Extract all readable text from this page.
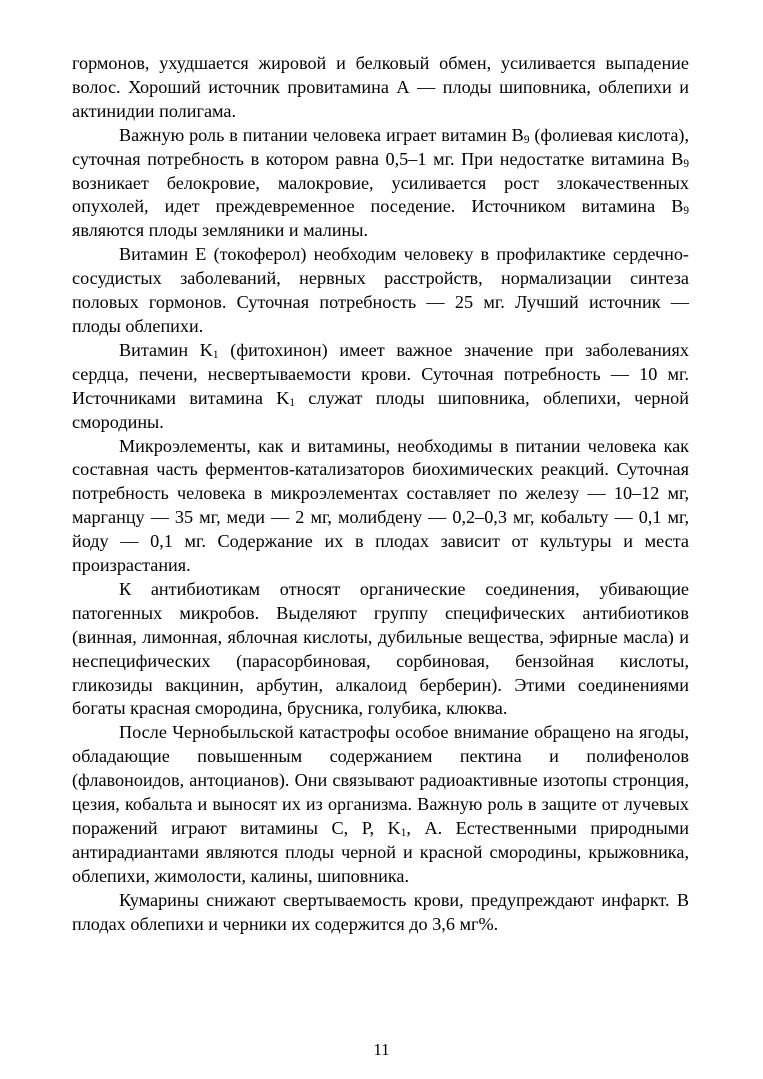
гормонов, ухудшается жировой и белковый обмен, усиливается выпадение волос. Хороший источник провитамина А — плоды шиповника, облепихи и актинидии полигама.

Важную роль в питании человека играет витамин $В_9$ (фолиевая кислота), суточная потребность в котором равна 0,5–1 мг. При недостатке витамина $В_9$ возникает белокровие, малокровие, усиливается рост злокачественных опухолей, идет преждевременное поседение. Источником витамина $В_9$ являются плоды земляники и малины.

Витамин Е (токоферол) необходим человеку в профилактике сердечно-сосудистых заболеваний, нервных расстройств, нормализации синтеза половых гормонов. Суточная потребность — 25 мг. Лучший источник — плоды облепихи.

Витамин $K_1$ (фитохинон) имеет важное значение при заболеваниях сердца, печени, несвертываемости крови. Суточная потребность — 10 мг. Источниками витамина $K_1$ служат плоды шиповника, облепихи, черной смородины.

Микроэлементы, как и витамины, необходимы в питании человека как составная часть ферментов-катализаторов биохимических реакций. Суточная потребность человека в микроэлементах составляет по железу — 10–12 мг, марганцу — 35 мг, меди — 2 мг, молибдену — 0,2–0,3 мг, кобальту — 0,1 мг, йоду — 0,1 мг. Содержание их в плодах зависит от культуры и места произрастания.

К антибиотикам относят органические соединения, убивающие патогенных микробов. Выделяют группу специфических антибиотиков (винная, лимонная, яблочная кислоты, дубильные вещества, эфирные масла) и неспецифических (парасорбиновая, сорбиновая, бензойная кислоты, гликозиды вакцинин, арбутин, алкалоид берберин). Этими соединениями богаты красная смородина, брусника, голубика, клюква.

После Чернобыльской катастрофы особое внимание обращено на ягоды, обладающие повышенным содержанием пектина и полифенолов (флавоноидов, антоцианов). Они связывают радиоактивные изотопы стронция, цезия, кобальта и выносят их из организма. Важную роль в защите от лучевых поражений играют витамины С, Р, $K_1$, А. Естественными природными антирадиантами являются плоды черной и красной смородины, крыжовника, облепихи, жимолости, калины, шиповника.

Кумарины снижают свертываемость крови, предупреждают инфаркт. В плодах облепихи и черники их содержится до 3,6 мг%.

11
